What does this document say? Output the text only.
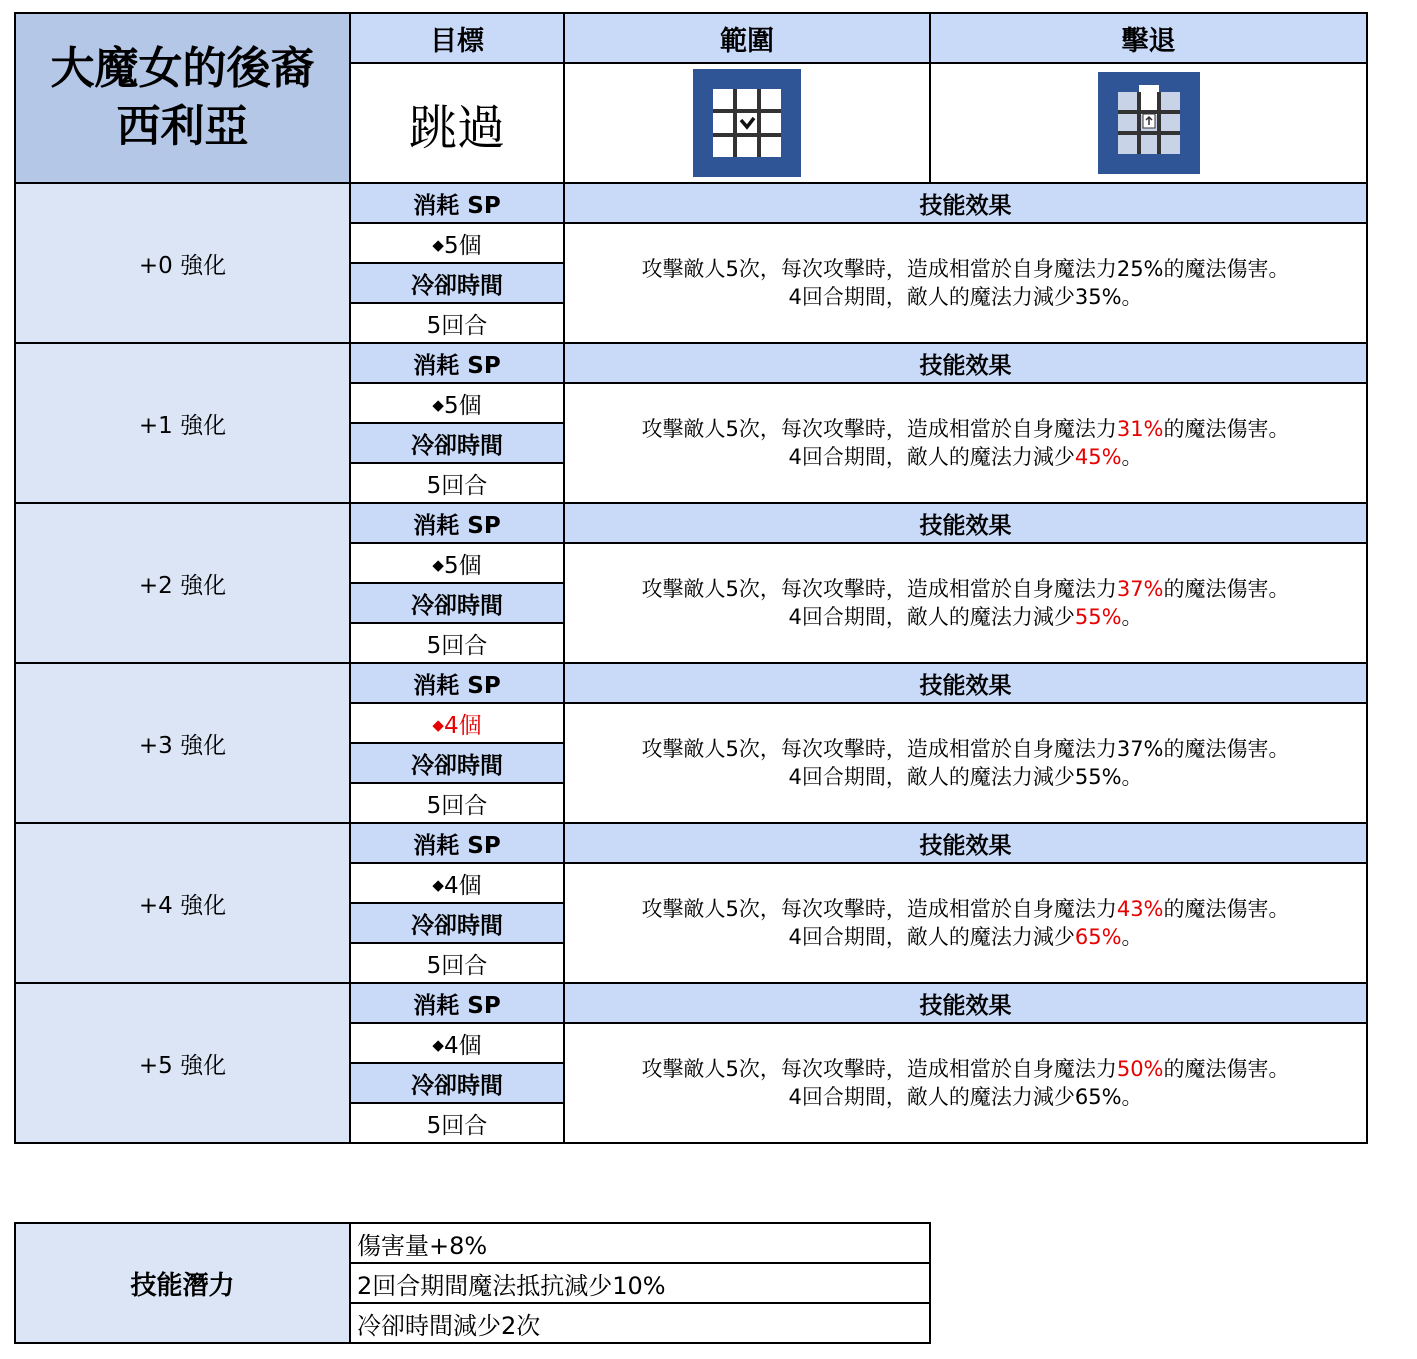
大魔女的後裔
西利亞	目標	範圍	擊退
	跳過	

+0 強化	消耗 SP	技能效果	
	◆5個	攻擊敵人5次，每次攻擊時，造成相當於自身魔法力25%的魔法傷害。
4回合期間，敵人的魔法力減少35%。	

	冷卻時間		
	5回合		
+1 強化	消耗 SP	技能效果	
	◆5個	攻擊敵人5次，每次攻擊時，造成相當於自身魔法力31%的魔法傷害。
4回合期間，敵人的魔法力減少45%。	

	冷卻時間		
	5回合		
+2 強化	消耗 SP	技能效果	
	◆5個	攻擊敵人5次，每次攻擊時，造成相當於自身魔法力37%的魔法傷害。
4回合期間，敵人的魔法力減少55%。	

	冷卻時間		
	5回合		
+3 強化	消耗 SP	技能效果	
	◆4個	攻擊敵人5次，每次攻擊時，造成相當於自身魔法力37%的魔法傷害。
4回合期間，敵人的魔法力減少55%。	

	冷卻時間		
	5回合		
+4 強化	消耗 SP	技能效果	
	◆4個	攻擊敵人5次，每次攻擊時，造成相當於自身魔法力43%的魔法傷害。
4回合期間，敵人的魔法力減少65%。	

	冷卻時間		
	5回合		
+5 強化	消耗 SP	技能效果	
	◆4個	攻擊敵人5次，每次攻擊時，造成相當於自身魔法力50%的魔法傷害。
4回合期間，敵人的魔法力減少65%。	

	冷卻時間		
	5回合		
技能潛力	傷害量+8%
2回合期間魔法抵抗減少10%
冷卻時間減少2次
